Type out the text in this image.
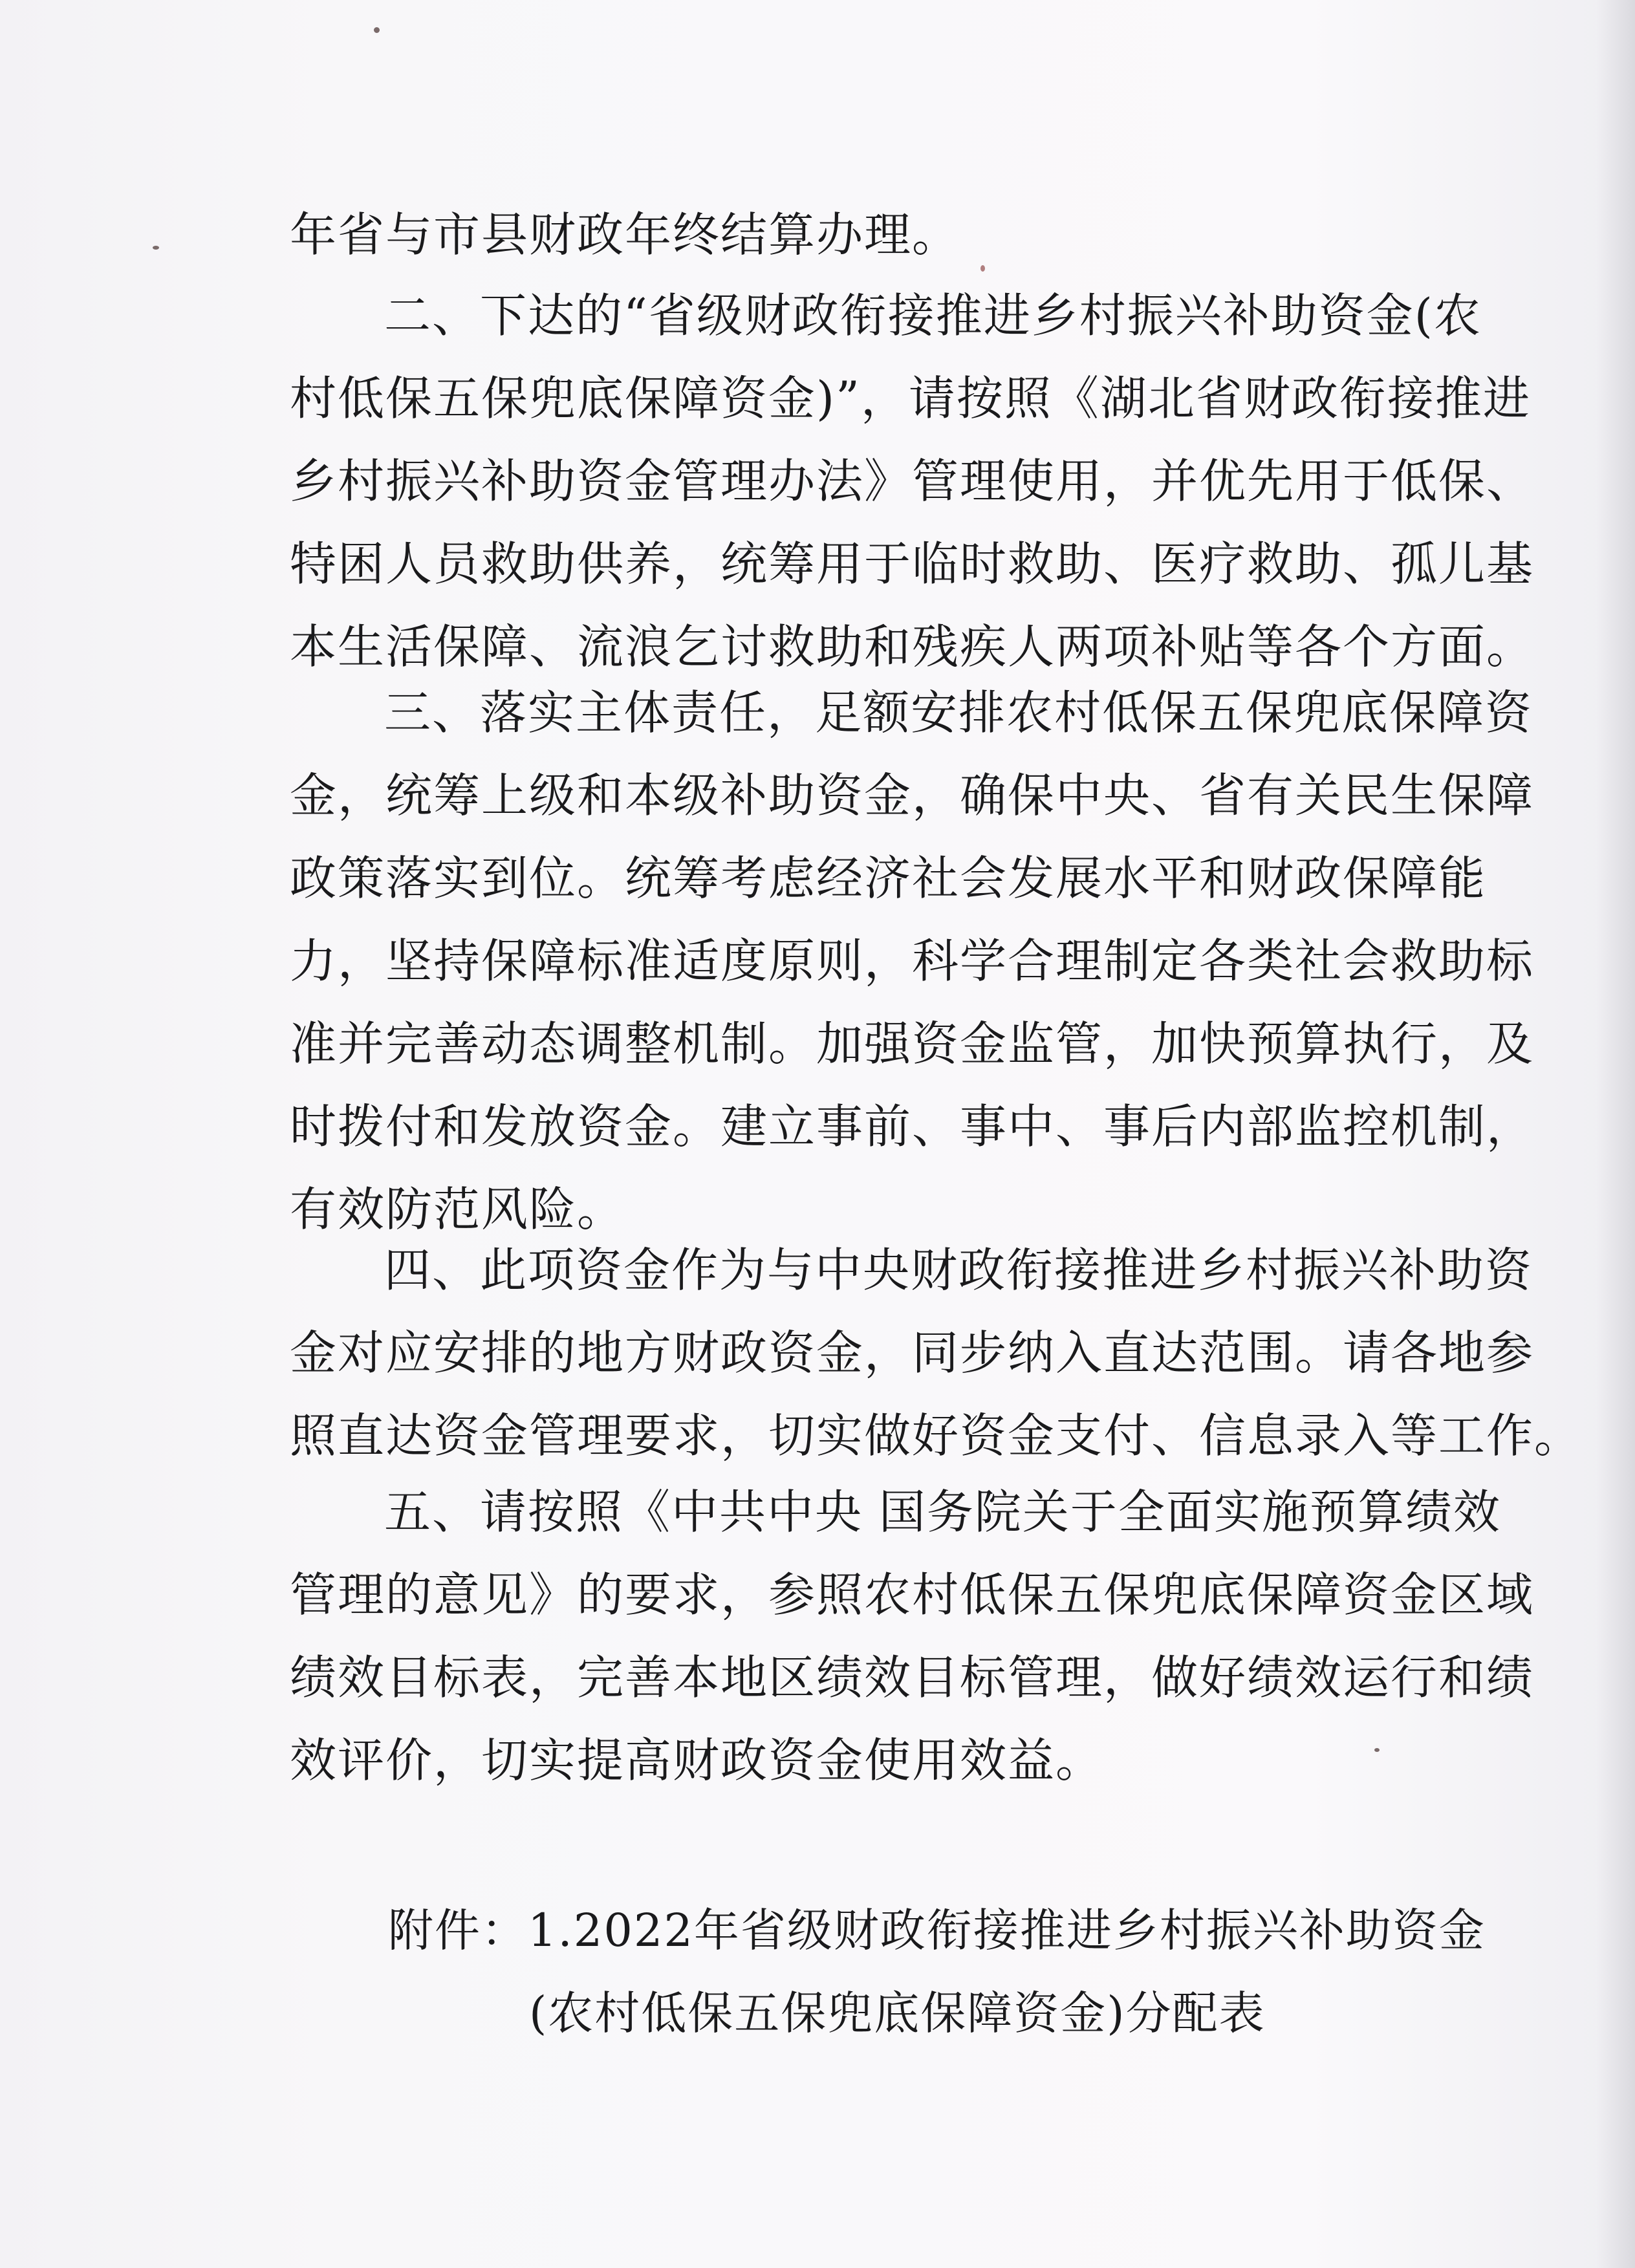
年省与市县财政年终结算办理。
二、下达的“省级财政衔接推进乡村振兴补助资金(农
村低保五保兜底保障资金)”，请按照《湖北省财政衔接推进
乡村振兴补助资金管理办法》管理使用，并优先用于低保、
特困人员救助供养，统筹用于临时救助、医疗救助、孤儿基
本生活保障、流浪乞讨救助和残疾人两项补贴等各个方面。
三、落实主体责任，足额安排农村低保五保兜底保障资
金，统筹上级和本级补助资金，确保中央、省有关民生保障
政策落实到位。统筹考虑经济社会发展水平和财政保障能
力，坚持保障标准适度原则，科学合理制定各类社会救助标
准并完善动态调整机制。加强资金监管，加快预算执行，及
时拨付和发放资金。建立事前、事中、事后内部监控机制，
有效防范风险。
四、此项资金作为与中央财政衔接推进乡村振兴补助资
金对应安排的地方财政资金，同步纳入直达范围。请各地参
照直达资金管理要求，切实做好资金支付、信息录入等工作。
五、请按照《中共中央 国务院关于全面实施预算绩效
管理的意见》的要求，参照农村低保五保兜底保障资金区域
绩效目标表，完善本地区绩效目标管理，做好绩效运行和绩
效评价，切实提高财政资金使用效益。
附件：1.2022年省级财政衔接推进乡村振兴补助资金
(农村低保五保兜底保障资金)分配表
